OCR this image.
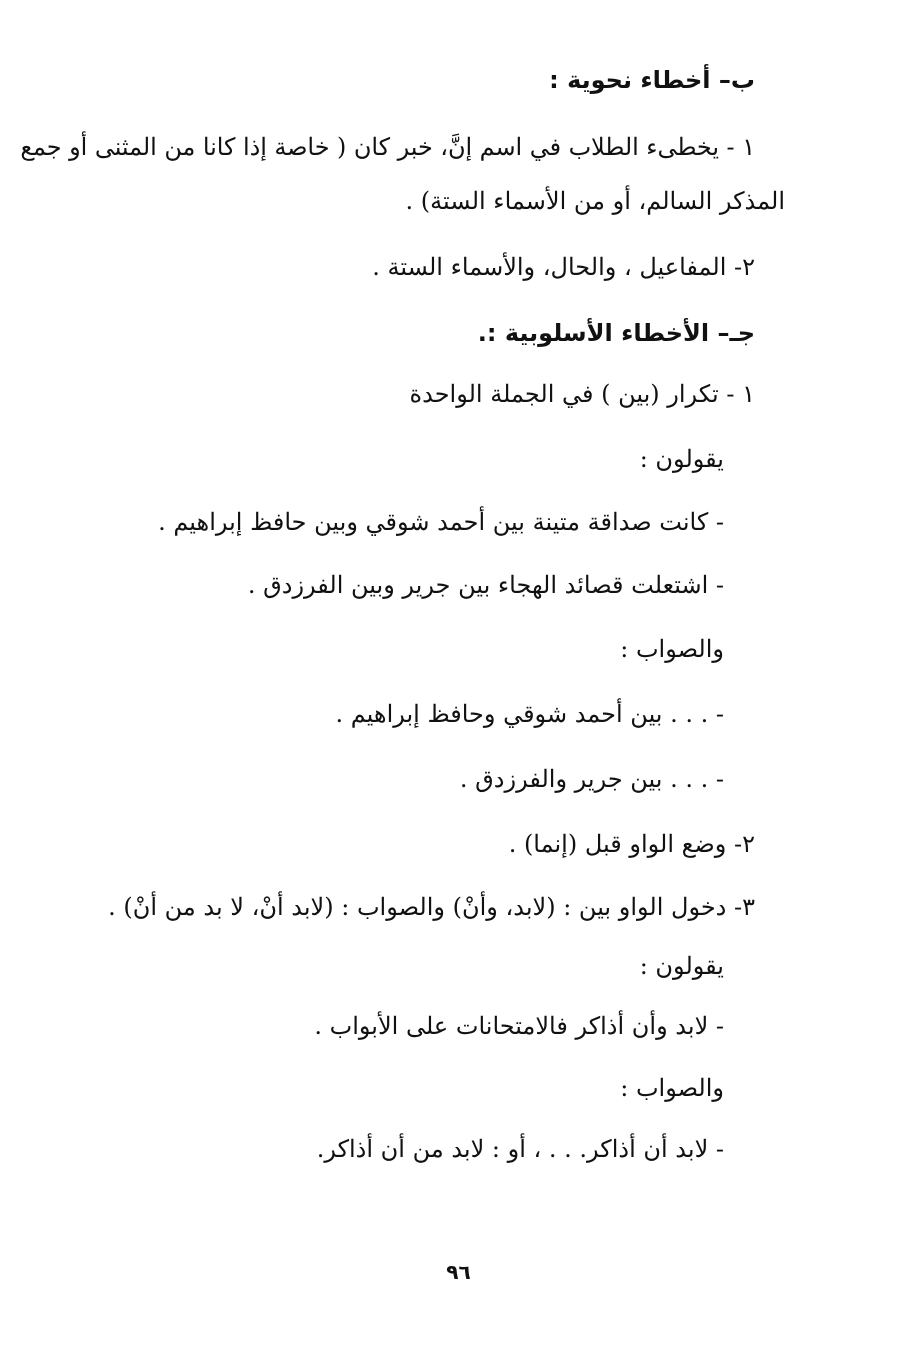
ب– أخطاء نحوية :
١ - يخطىء الطلاب في اسم إنَّ، خبر كان ( خاصة إذا كانا من المثنى أو جمع
المذكر السالم، أو من الأسماء الستة) .
٢- المفاعيل ، والحال، والأسماء الستة .
جـ– الأخطاء الأسلوبية :.
١ - تكرار (بين ) في الجملة الواحدة
يقولون :
- كانت صداقة متينة بين أحمد شوقي وبين حافظ إبراهيم .
- اشتعلت قصائد الهجاء بين جرير وبين الفرزدق .
والصواب :
- . . . بين أحمد شوقي وحافظ إبراهيم .
- . . . بين جرير والفرزدق .
٢- وضع الواو قبل (إنما) .
٣- دخول الواو بين : (لابد، وأنْ) والصواب : (لابد أنْ، لا بد من أنْ) .
يقولون :
- لابد وأن أذاكر فالامتحانات على الأبواب .
والصواب :
- لابد أن أذاكر. . . ، أو : لابد من أن أذاكر.
٩٦
